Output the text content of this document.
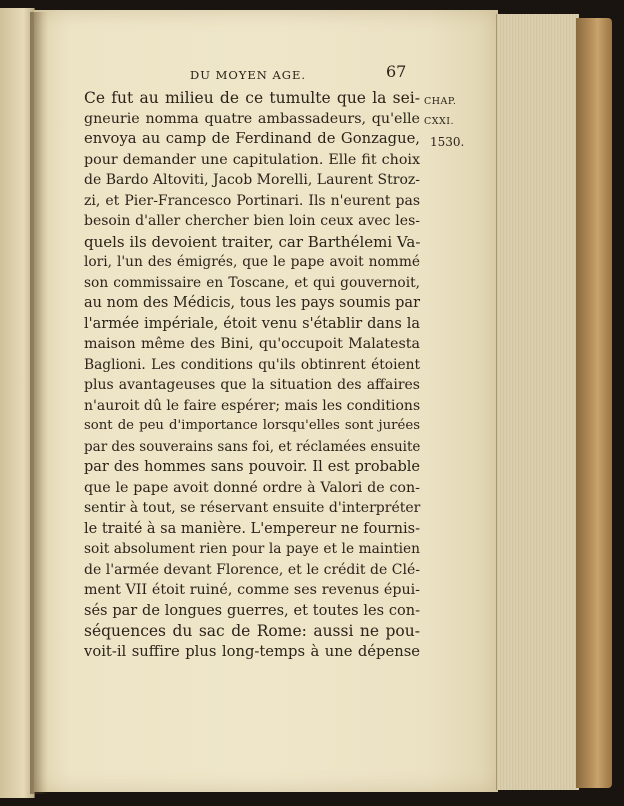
DU MOYEN AGE.	67
CHAP. CXXI.
1530.
Ce fut au milieu de ce tumulte que la sei-
gneurie nomma quatre ambassadeurs, qu'elle
envoya au camp de Ferdinand de Gonzague,
pour demander une capitulation. Elle fit choix
de Bardo Altoviti, Jacob Morelli, Laurent Stroz-
zi, et Pier-Francesco Portinari. Ils n'eurent pas
besoin d'aller chercher bien loin ceux avec les-
quels ils devoient traiter, car Barthélemi Va-
lori, l'un des émigrés, que le pape avoit nommé
son commissaire en Toscane, et qui gouvernoit,
au nom des Médicis, tous les pays soumis par
l'armée impériale, étoit venu s'établir dans la
maison même des Bini, qu'occupoit Malatesta
Baglioni. Les conditions qu'ils obtinrent étoient
plus avantageuses que la situation des affaires
n'auroit dû le faire espérer; mais les conditions
sont de peu d'importance lorsqu'elles sont jurées
par des souverains sans foi, et réclamées ensuite
par des hommes sans pouvoir. Il est probable
que le pape avoit donné ordre à Valori de con-
sentir à tout, se réservant ensuite d'interpréter
le traité à sa manière. L'empereur ne fournis-
soit absolument rien pour la paye et le maintien
de l'armée devant Florence, et le crédit de Clé-
ment VII étoit ruiné, comme ses revenus épui-
sés par de longues guerres, et toutes les con-
séquences du sac de Rome: aussi ne pou-
voit-il suffire plus long-temps à une dépense
